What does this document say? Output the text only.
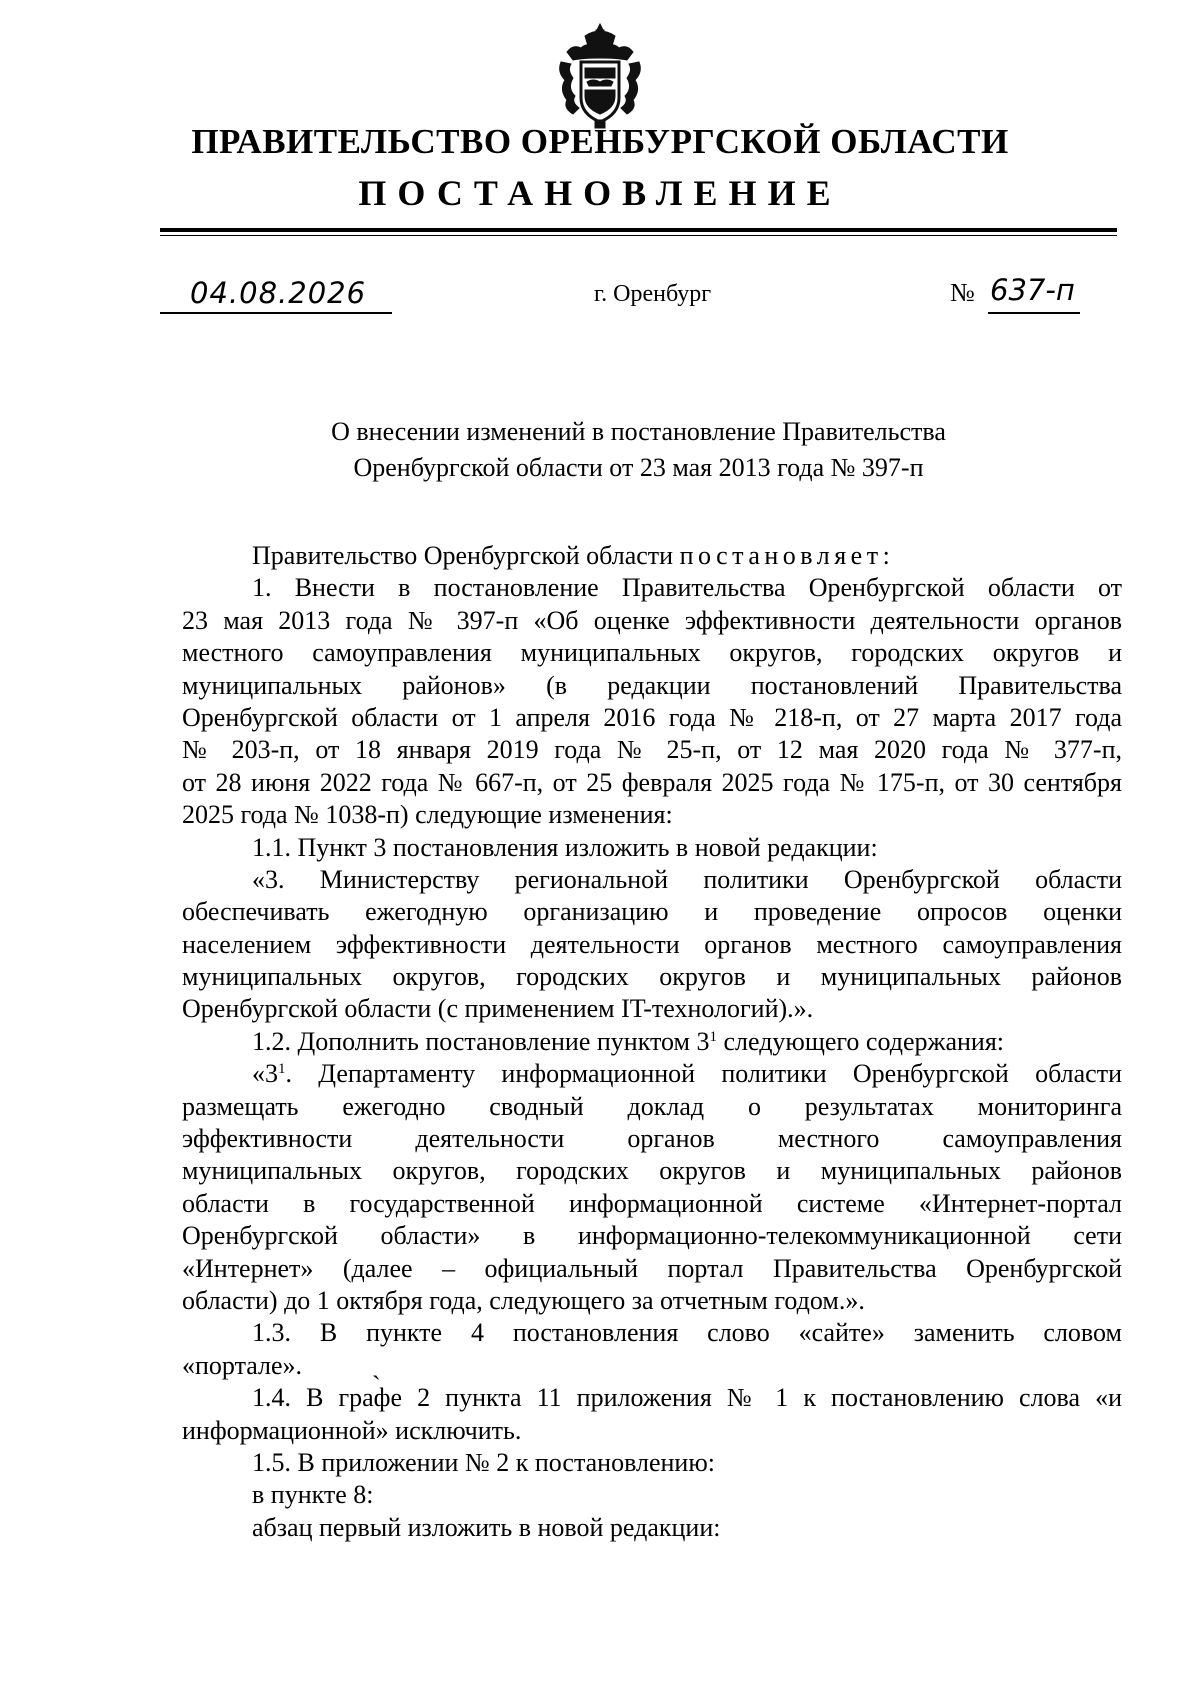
ПРАВИТЕЛЬСТВО ОРЕНБУРГСКОЙ ОБЛАСТИ
ПОСТАНОВЛЕНИЕ
04.08.2026	г. Оренбург	№ 637-п
О внесении изменений в постановление Правительства
Оренбургской области от 23 мая 2013 года № 397-п
Правительство Оренбургской области постановляет:
1. Внести в постановление Правительства Оренбургской области от
23 мая 2013 года № 397-п «Об оценке эффективности деятельности органов
местного самоуправления муниципальных округов, городских округов и
муниципальных районов» (в редакции постановлений Правительства
Оренбургской области от 1 апреля 2016 года № 218-п, от 27 марта 2017 года
№ 203-п, от 18 января 2019 года № 25-п, от 12 мая 2020 года № 377-п,
от 28 июня 2022 года № 667-п, от 25 февраля 2025 года № 175-п, от 30 сентября
2025 года № 1038-п) следующие изменения:
1.1. Пункт 3 постановления изложить в новой редакции:
«3. Министерству региональной политики Оренбургской области
обеспечивать ежегодную организацию и проведение опросов оценки
населением эффективности деятельности органов местного самоуправления
муниципальных округов, городских округов и муниципальных районов
Оренбургской области (с применением IT-технологий).».
1.2. Дополнить постановление пунктом $3^1$ следующего содержания:
«$3^1$. Департаменту информационной политики Оренбургской области
размещать ежегодно сводный доклад о результатах мониторинга
эффективности деятельности органов местного самоуправления
муниципальных округов, городских округов и муниципальных районов
области в государственной информационной системе «Интернет-портал
Оренбургской области» в информационно-телекоммуникационной сети
«Интернет» (далее – официальный портал Правительства Оренбургской
области) до 1 октября года, следующего за отчетным годом.».
1.3. В пункте 4 постановления слово «сайте» заменить словом
«портале».	ˎ
1.4. В графе 2 пункта 11 приложения № 1 к постановлению слова «и
информационной» исключить.
1.5. В приложении № 2 к постановлению:
в пункте 8:
абзац первый изложить в новой редакции:
